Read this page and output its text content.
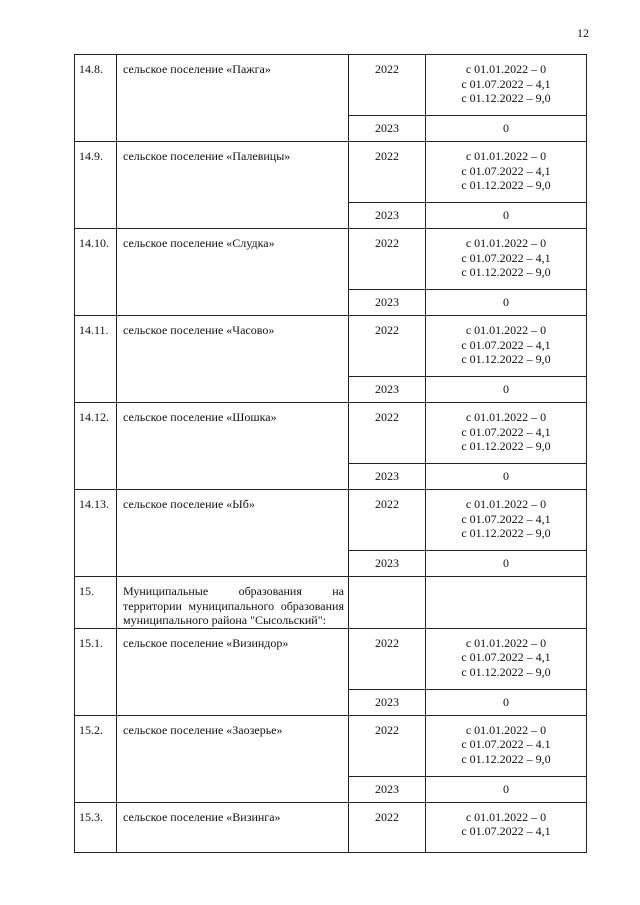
12
14.8.	сельское поселение «Пажга»	2022	с 01.01.2022 – 0
с 01.07.2022 – 4,1
с 01.12.2022 – 9,0

		2023	0
14.9.	сельское поселение «Палевицы»	2022	с 01.01.2022 – 0
с 01.07.2022 – 4,1
с 01.12.2022 – 9,0

		2023	0
14.10.	сельское поселение «Слудка»	2022	с 01.01.2022 – 0
с 01.07.2022 – 4,1
с 01.12.2022 – 9,0

		2023	0
14.11.	сельское поселение «Часово»	2022	с 01.01.2022 – 0
с 01.07.2022 – 4,1
с 01.12.2022 – 9,0

		2023	0
14.12.	сельское поселение «Шошка»	2022	с 01.01.2022 – 0
с 01.07.2022 – 4,1
с 01.12.2022 – 9,0

		2023	0
14.13.	сельское поселение «Ыб»	2022	с 01.01.2022 – 0
с 01.07.2022 – 4,1
с 01.12.2022 – 9,0

		2023	0
15.	Муниципальные образования на территории муниципального образования муниципального района "Сысольский":		
15.1.	сельское поселение «Визиндор»	2022	с 01.01.2022 – 0
с 01.07.2022 – 4,1
с 01.12.2022 – 9,0

		2023	0
15.2.	сельское поселение «Заозерье»	2022	с 01.01.2022 – 0
с 01.07.2022 – 4.1
с 01.12.2022 – 9,0

		2023	0
15.3.	сельское поселение «Визинга»	2022	с 01.01.2022 – 0
с 01.07.2022 – 4,1
